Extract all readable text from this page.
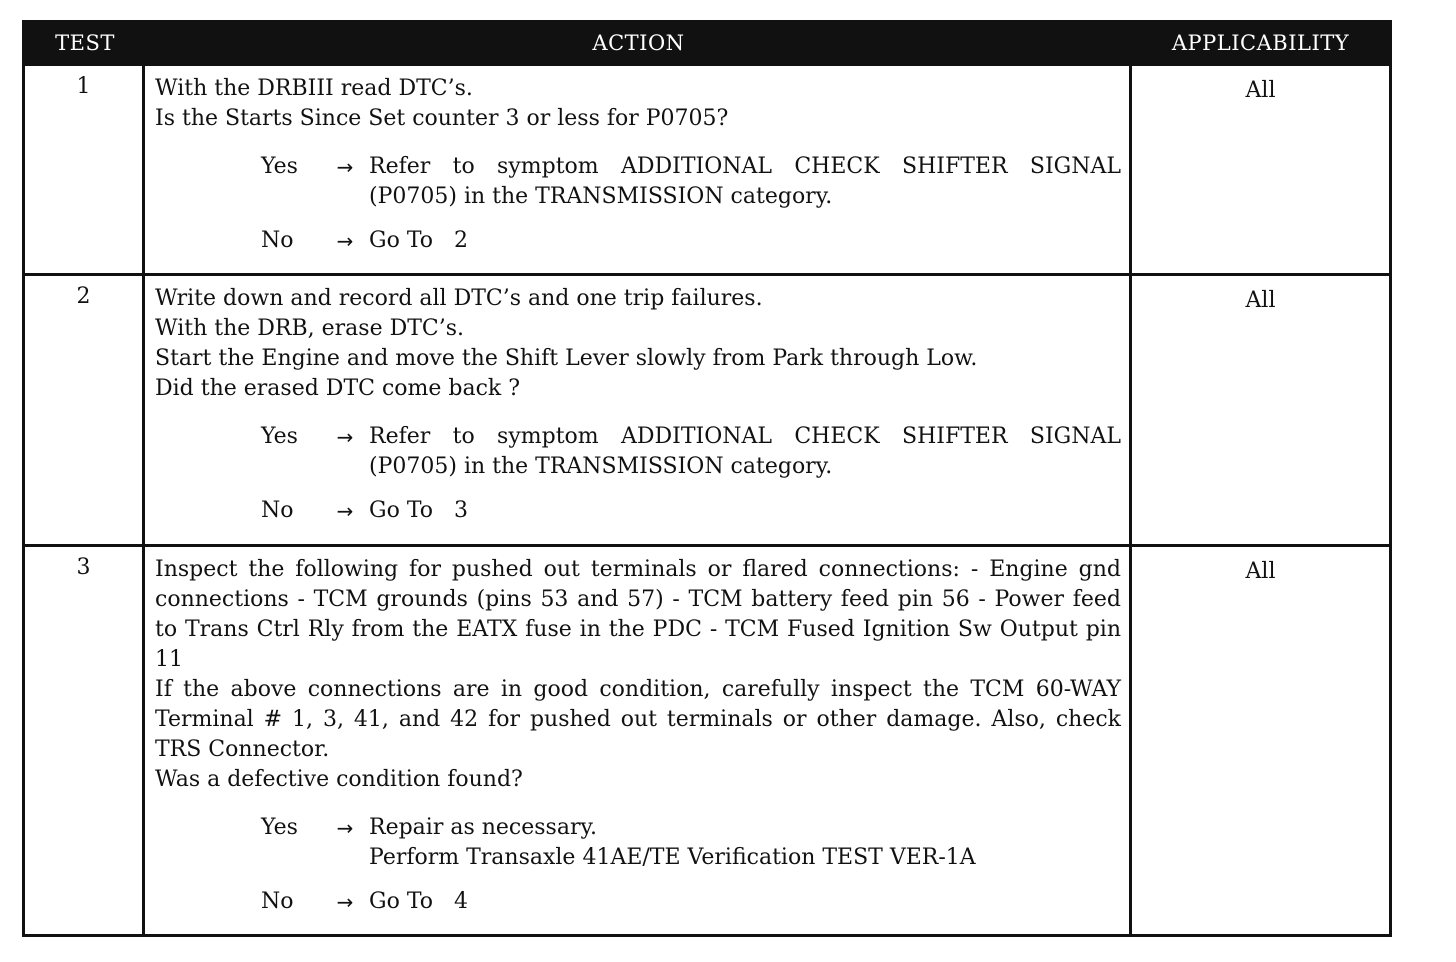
TEST	ACTION	APPLICABILITY
1	With the DRBIII read DTC’s.
Is the Starts Since Set counter 3 or less for P0705?
Yes	→ Refer to symptom ADDITIONAL CHECK SHIFTER SIGNAL (P0705) in the TRANSMISSION category.
No	→ Go To   2
All
2	Write down and record all DTC’s and one trip failures.
With the DRB, erase DTC’s.
Start the Engine and move the Shift Lever slowly from Park through Low.
Did the erased DTC come back ?
Yes	→ Refer to symptom ADDITIONAL CHECK SHIFTER SIGNAL (P0705) in the TRANSMISSION category.
No	→ Go To   3
All
3	Inspect the following for pushed out terminals or flared connections: - Engine gnd connections - TCM grounds (pins 53 and 57) - TCM battery feed pin 56 - Power feed to Trans Ctrl Rly from the EATX fuse in the PDC - TCM Fused Ignition Sw Output pin 11
If the above connections are in good condition, carefully inspect the TCM 60-WAY Terminal # 1, 3, 41, and 42 for pushed out terminals or other damage. Also, check TRS Connector.
Was a defective condition found?
Yes	→ Repair as necessary.
Perform Transaxle 41AE/TE Verification TEST VER-1A
No	→ Go To   4
All
